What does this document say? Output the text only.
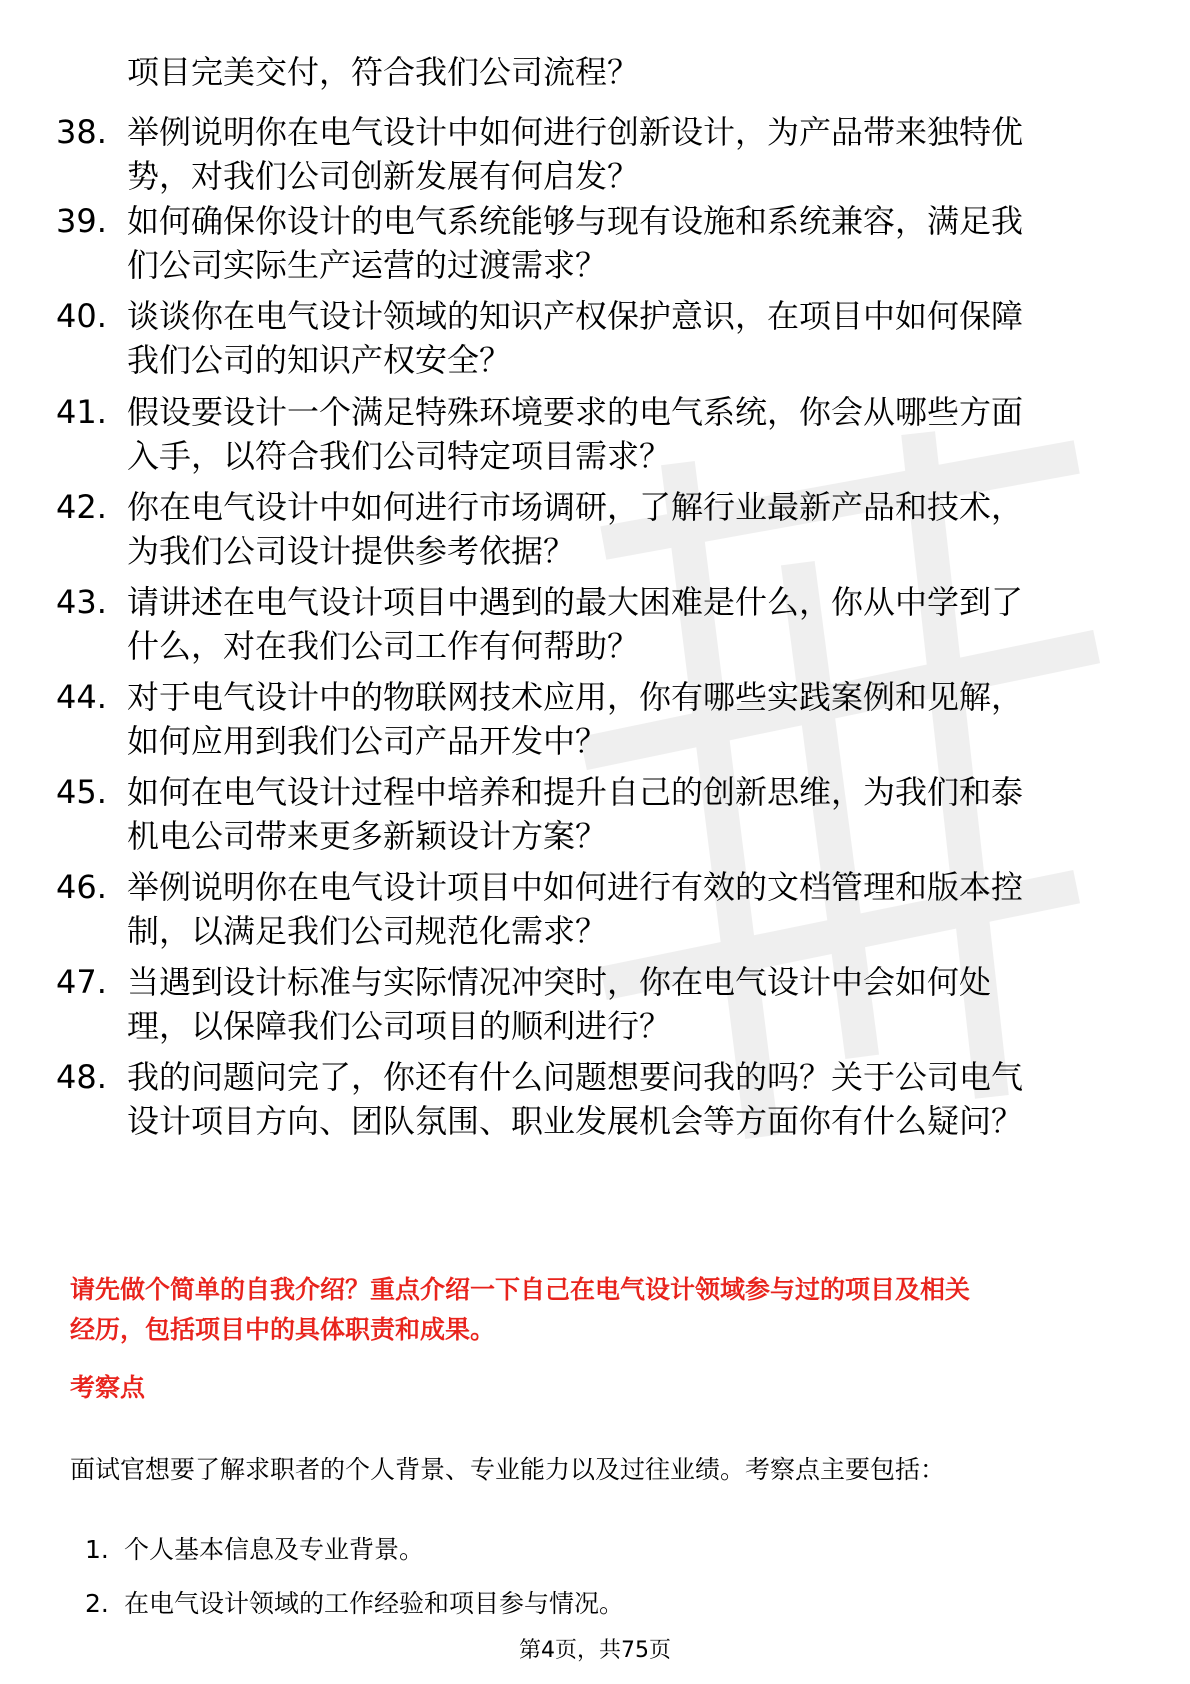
项目完美交付，符合我们公司流程？

38. 举例说明你在电气设计中如何进行创新设计，为产品带来独特优
势，对我们公司创新发展有何启发？

39. 如何确保你设计的电气系统能够与现有设施和系统兼容，满足我
们公司实际生产运营的过渡需求？

40. 谈谈你在电气设计领域的知识产权保护意识，在项目中如何保障
我们公司的知识产权安全？

41. 假设要设计一个满足特殊环境要求的电气系统，你会从哪些方面
入手，以符合我们公司特定项目需求？

42. 你在电气设计中如何进行市场调研，了解行业最新产品和技术，
为我们公司设计提供参考依据？

43. 请讲述在电气设计项目中遇到的最大困难是什么，你从中学到了
什么，对在我们公司工作有何帮助？

44. 对于电气设计中的物联网技术应用，你有哪些实践案例和见解，
如何应用到我们公司产品开发中？

45. 如何在电气设计过程中培养和提升自己的创新思维，为我们和泰
机电公司带来更多新颖设计方案？

46. 举例说明你在电气设计项目中如何进行有效的文档管理和版本控
制，以满足我们公司规范化需求？

47. 当遇到设计标准与实际情况冲突时，你在电气设计中会如何处
理，以保障我们公司项目的顺利进行？

48. 我的问题问完了，你还有什么问题想要问我的吗？关于公司电气
设计项目方向、团队氛围、职业发展机会等方面你有什么疑问？

请先做个简单的自我介绍？重点介绍一下自己在电气设计领域参与过的项目及相关
经历，包括项目中的具体职责和成果。

考察点

面试官想要了解求职者的个人背景、专业能力以及过往业绩。考察点主要包括：

1. 个人基本信息及专业背景。
2. 在电气设计领域的工作经验和项目参与情况。
第4页，共75页
